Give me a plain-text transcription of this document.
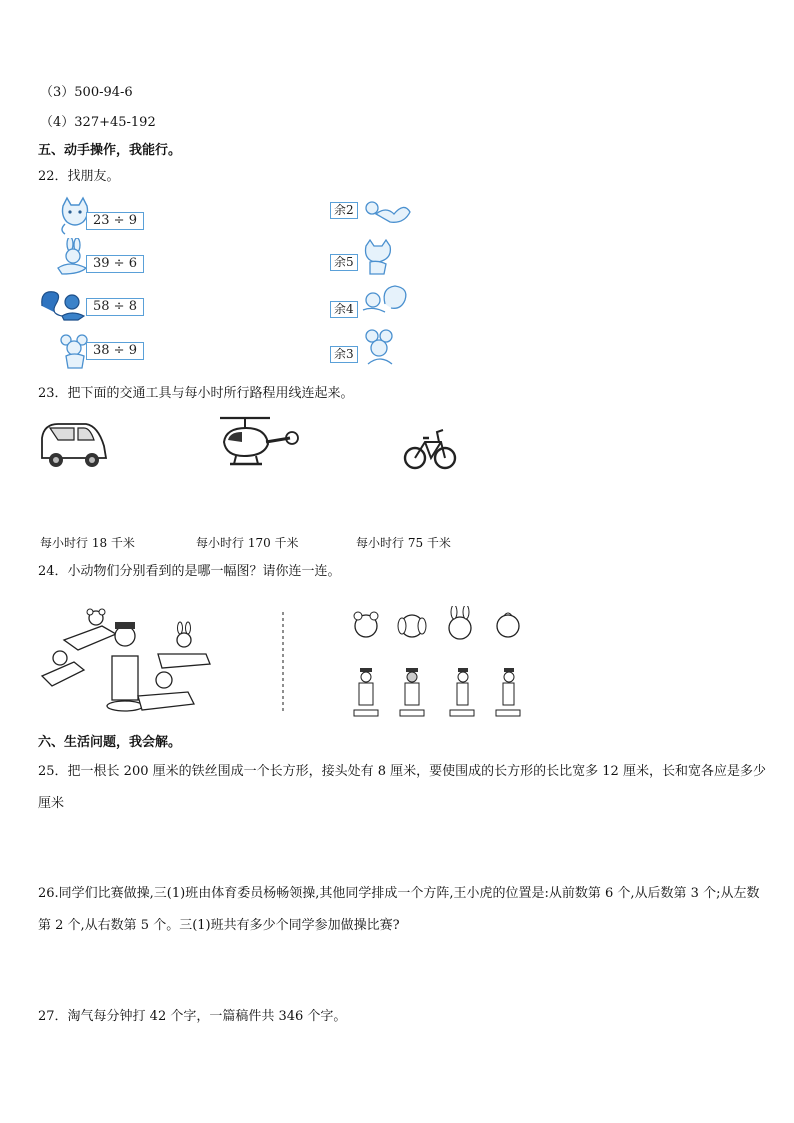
（3）500-94-6
（4）327+45-192
五、动手操作，我能行。
22．找朋友。
23 ÷ 9
39 ÷ 6
58 ÷ 8
38 ÷ 9
余2
余5
余4
余3
23．把下面的交通工具与每小时所行路程用线连起来。
每小时行 18 千米	每小时行 170 千米	每小时行 75 千米
24．小动物们分别看到的是哪一幅图？请你连一连。
六、生活问题，我会解。
25．把一根长 200 厘米的铁丝围成一个长方形，接头处有 8 厘米，要使围成的长方形的长比宽多 12 厘米，长和宽各应是多少厘米
26.同学们比赛做操,三(1)班由体育委员杨畅领操,其他同学排成一个方阵,王小虎的位置是:从前数第 6 个,从后数第 3 个;从左数第 2 个,从右数第 5 个。三(1)班共有多少个同学参加做操比赛?
27．淘气每分钟打 42 个字，一篇稿件共 346 个字。
